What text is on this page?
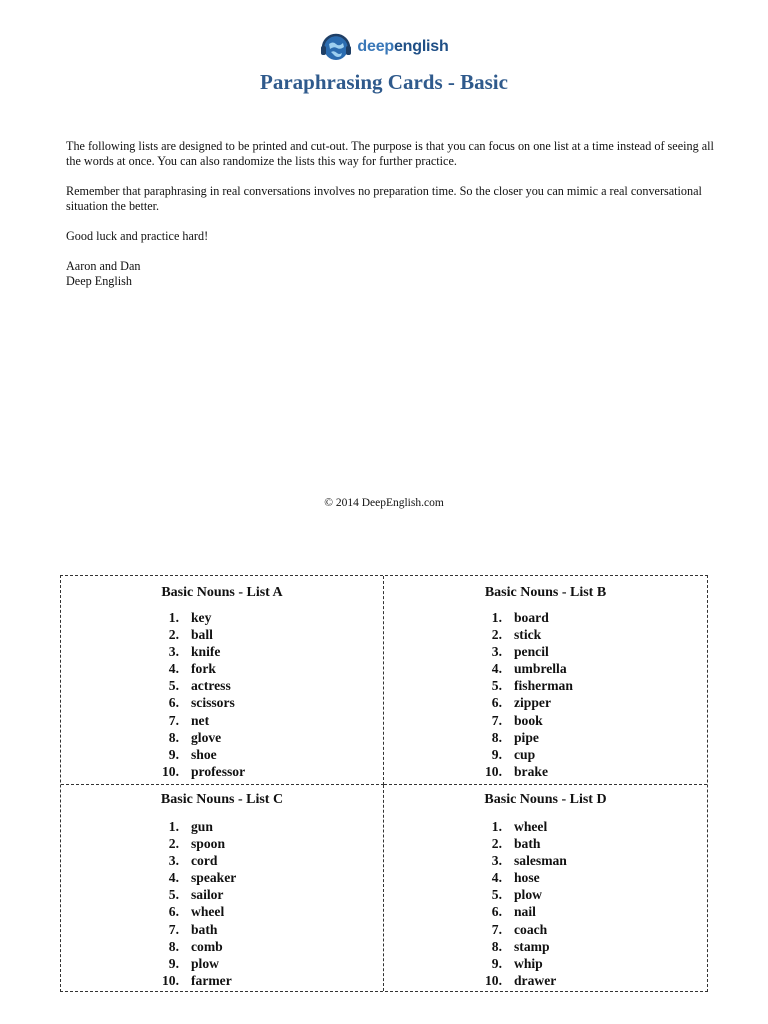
deepenglish
Paraphrasing Cards - Basic

The following lists are designed to be printed and cut-out. The purpose is that you can focus on one list at a time instead of seeing all the words at once. You can also randomize the lists this way for further practice.

Remember that paraphrasing in real conversations involves no preparation time. So the closer you can mimic a real conversational situation the better.

Good luck and practice hard!

Aaron and Dan

Deep English

© 2014 DeepEnglish.com
Basic Nouns - List A
1. key
2. ball
3. knife
4. fork
5. actress
6. scissors
7. net
8. glove
9. shoe
10. professor
Basic Nouns - List B
1. board
2. stick
3. pencil
4. umbrella
5. fisherman
6. zipper
7. book
8. pipe
9. cup
10. brake
Basic Nouns - List C
1. gun
2. spoon
3. cord
4. speaker
5. sailor
6. wheel
7. bath
8. comb
9. plow
10. farmer
Basic Nouns - List D
1. wheel
2. bath
3. salesman
4. hose
5. plow
6. nail
7. coach
8. stamp
9. whip
10. drawer
